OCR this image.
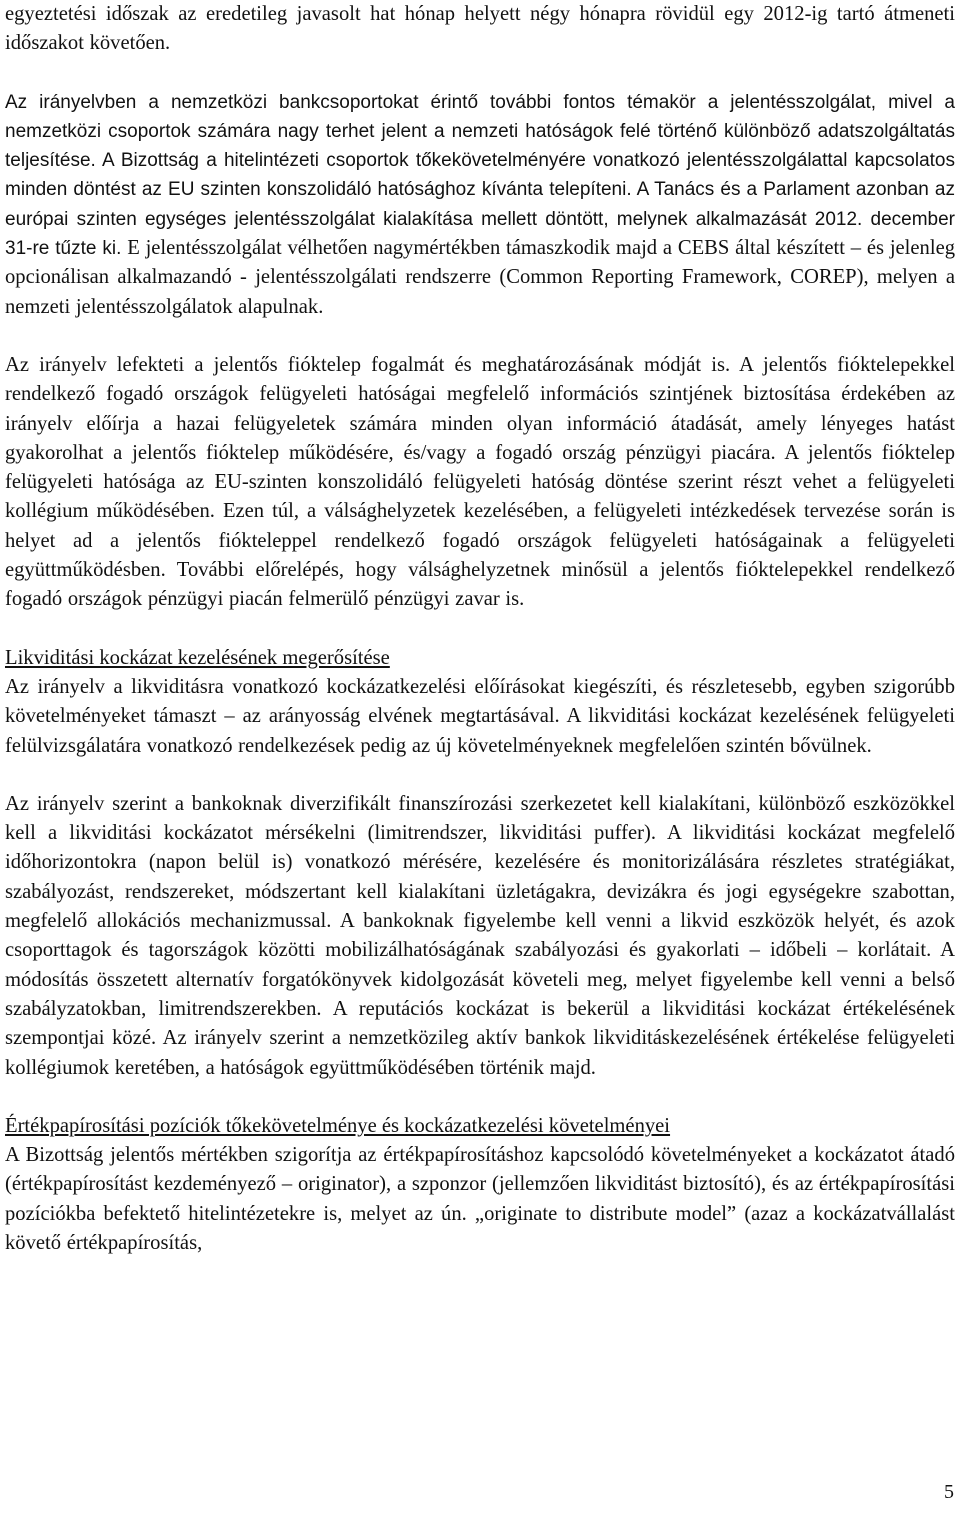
egyeztetési időszak az eredetileg javasolt hat hónap helyett négy hónapra rövidül egy 2012-ig tartó átmeneti időszakot követően.

Az irányelvben a nemzetközi bankcsoportokat érintő további fontos témakör a jelentésszolgálat, mivel a nemzetközi csoportok számára nagy terhet jelent a nemzeti hatóságok felé történő különböző adatszolgáltatás teljesítése. A Bizottság a hitelintézeti csoportok tőkekövetelményére vonatkozó jelentésszolgálattal kapcsolatos minden döntést az EU szinten konszolidáló hatósághoz kívánta telepíteni. A Tanács és a Parlament azonban az európai szinten egységes jelentésszolgálat kialakítása mellett döntött, melynek alkalmazását 2012. december 31-re tűzte ki. E jelentésszolgálat vélhetően nagymértékben támaszkodik majd a CEBS által készített – és jelenleg opcionálisan alkalmazandó - jelentésszolgálati rendszerre (Common Reporting Framework, COREP), melyen a nemzeti jelentésszolgálatok alapulnak.

Az irányelv lefekteti a jelentős fióktelep fogalmát és meghatározásának módját is. A jelentős fióktelepekkel rendelkező fogadó országok felügyeleti hatóságai megfelelő információs szintjének biztosítása érdekében az irányelv előírja a hazai felügyeletek számára minden olyan információ átadását, amely lényeges hatást gyakorolhat a jelentős fióktelep működésére, és/vagy a fogadó ország pénzügyi piacára. A jelentős fióktelep felügyeleti hatósága az EU-szinten konszolidáló felügyeleti hatóság döntése szerint részt vehet a felügyeleti kollégium működésében. Ezen túl, a válsághelyzetek kezelésében, a felügyeleti intézkedések tervezése során is helyet ad a jelentős fiókteleppel rendelkező fogadó országok felügyeleti hatóságainak a felügyeleti együttműködésben. További előrelépés, hogy válsághelyzetnek minősül a jelentős fióktelepekkel rendelkező fogadó országok pénzügyi piacán felmerülő pénzügyi zavar is.

Likviditási kockázat kezelésének megerősítése

Az irányelv a likviditásra vonatkozó kockázatkezelési előírásokat kiegészíti, és részletesebb, egyben szigorúbb követelményeket támaszt – az arányosság elvének megtartásával. A likviditási kockázat kezelésének felügyeleti felülvizsgálatára vonatkozó rendelkezések pedig az új követelményeknek megfelelően szintén bővülnek.

Az irányelv szerint a bankoknak diverzifikált finanszírozási szerkezetet kell kialakítani, különböző eszközökkel kell a likviditási kockázatot mérsékelni (limitrendszer, likviditási puffer). A likviditási kockázat megfelelő időhorizontokra (napon belül is) vonatkozó mérésére, kezelésére és monitorizálására részletes stratégiákat, szabályozást, rendszereket, módszertant kell kialakítani üzletágakra, devizákra és jogi egységekre szabottan, megfelelő allokációs mechanizmussal. A bankoknak figyelembe kell venni a likvid eszközök helyét, és azok csoporttagok és tagországok közötti mobilizálhatóságának szabályozási és gyakorlati – időbeli – korlátait. A módosítás összetett alternatív forgatókönyvek kidolgozását követeli meg, melyet figyelembe kell venni a belső szabályzatokban, limitrendszerekben. A reputációs kockázat is bekerül a likviditási kockázat értékelésének szempontjai közé. Az irányelv szerint a nemzetközileg aktív bankok likviditáskezelésének értékelése felügyeleti kollégiumok keretében, a hatóságok együttműködésében történik majd.

Értékpapírosítási pozíciók tőkekövetelménye és kockázatkezelési követelményei

A Bizottság jelentős mértékben szigorítja az értékpapírosításhoz kapcsolódó követelményeket a kockázatot átadó (értékpapírosítást kezdeményező – originator), a szponzor (jellemzően likviditást biztosító), és az értékpapírosítási pozíciókba befektető hitelintézetekre is, melyet az ún. „originate to distribute model” (azaz a kockázatvállalást követő értékpapírosítás,

5
